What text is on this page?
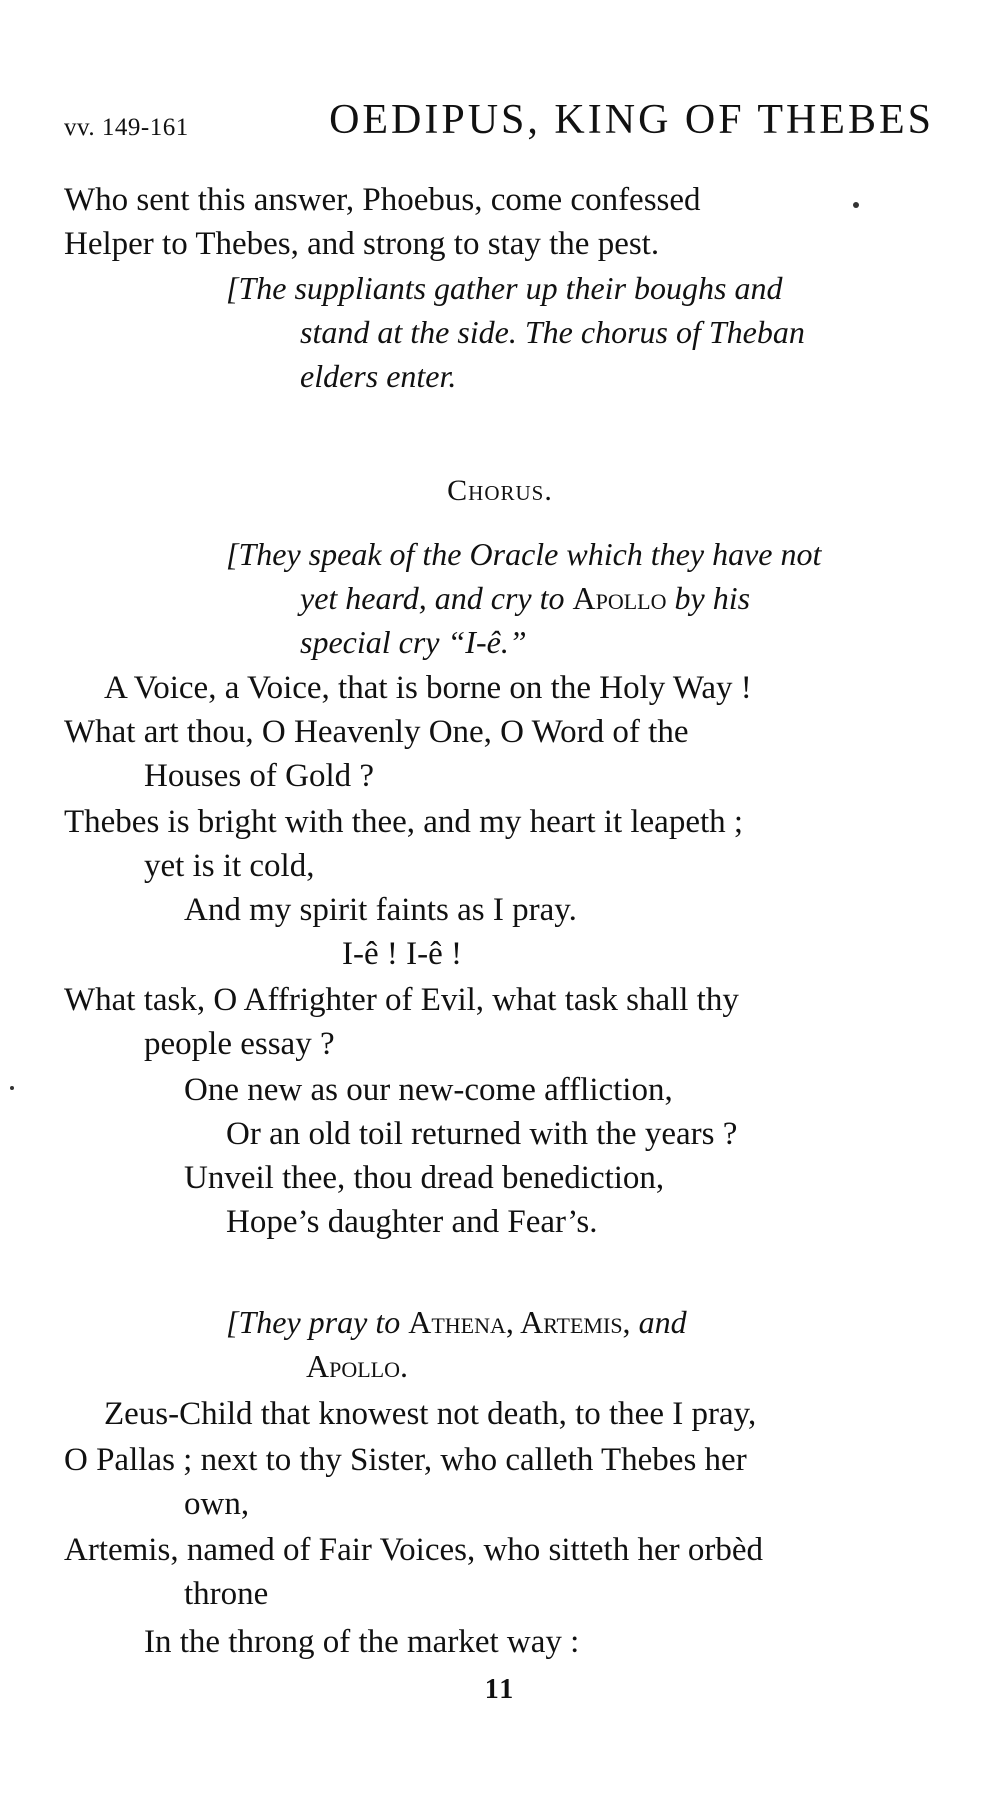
vv. 149-161	OEDIPUS, KING OF THEBES
Who sent this answer, Phoebus, come confessed
Helper to Thebes, and strong to stay the pest.
[The suppliants gather up their boughs and
stand at the side. The chorus of Theban
elders enter.
Chorus.
[They speak of the Oracle which they have not
yet heard, and cry to Apollo by his
special cry “I-ê.”
A Voice, a Voice, that is borne on the Holy Way !
What art thou, O Heavenly One, O Word of the
Houses of Gold ?
Thebes is bright with thee, and my heart it leapeth ;
yet is it cold,
And my spirit faints as I pray.
I-ê ! I-ê !
What task, O Affrighter of Evil, what task shall thy
people essay ?
One new as our new-come affliction,
Or an old toil returned with the years ?
Unveil thee, thou dread benediction,
Hope’s daughter and Fear’s.
[They pray to Athena, Artemis, and
Apollo.
Zeus-Child that knowest not death, to thee I pray,
O Pallas ; next to thy Sister, who calleth Thebes her
own,
Artemis, named of Fair Voices, who sitteth her orbèd
throne
In the throng of the market way :
11
